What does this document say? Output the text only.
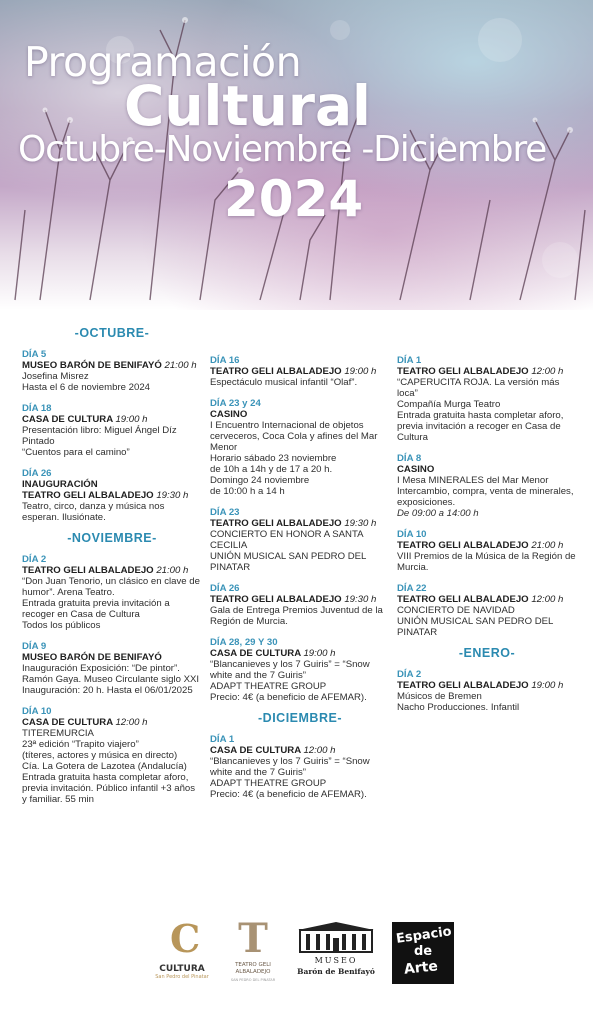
Programación
Cultural
Octubre-Noviembre -Diciembre
2024
-OCTUBRE-
DÍA 5
MUSEO BARÓN DE BENIFAYÓ 21:00 h
Josefina Misrez
Hasta el 6 de noviembre 2024
DÍA 18
CASA DE CULTURA 19:00 h
Presentación libro: Miguel Ángel Díz Pintado
“Cuentos para el camino”
DÍA 26
INAUGURACIÓN
TEATRO GELI ALBALADEJO 19:30 h
Teatro, circo, danza y música nos esperan. Ilusiónate.
-NOVIEMBRE-
DÍA 2
TEATRO GELI ALBALADEJO 21:00 h
“Don Juan Tenorio, un clásico en clave de humor”. Arena Teatro.
Entrada gratuita previa invitación a recoger en Casa de Cultura
Todos los públicos
DÍA 9
MUSEO BARÓN DE BENIFAYÓ
Inauguración Exposición: “De pintor”. Ramón Gaya. Museo Circulante siglo XXI
Inauguración: 20 h. Hasta el 06/01/2025
DÍA 10
CASA DE CULTURA 12:00 h
TITEREMURCIA
23ª edición “Trapito viajero”
(títeres, actores y música en directo)
Cía. La Gotera de Lazotea (Andalucía)
Entrada gratuita hasta completar aforo, previa invitación. Público infantil +3 años y familiar. 55 min
DÍA 16
TEATRO GELI ALBALADEJO 19:00 h
Espectáculo musical infantil “Olaf”.
DÍA 23 y 24
CASINO
I Encuentro Internacional de objetos cerveceros, Coca Cola y afines del Mar Menor
Horario sábado 23 noviembre
de 10h a 14h y de 17 a 20 h.
Domingo 24 noviembre
de 10:00 h a 14 h
DÍA 23
TEATRO GELI ALBALADEJO 19:30 h
CONCIERTO EN HONOR A SANTA CECILIA
UNIÓN MUSICAL SAN PEDRO DEL PINATAR
DÍA 26
TEATRO GELI ALBALADEJO 19:30 h
Gala de Entrega Premios Juventud de la Región de Murcia.
DÍA 28, 29 Y 30
CASA DE CULTURA 19:00 h
“Blancanieves y los 7 Guiris” = “Snow white and the 7 Guiris”
ADAPT THEATRE GROUP
Precio: 4€ (a beneficio de AFEMAR).
-DICIEMBRE-
DÍA 1
CASA DE CULTURA 12:00 h
“Blancanieves y los 7 Guiris” = “Snow white and the 7 Guiris”
ADAPT THEATRE GROUP
Precio: 4€ (a beneficio de AFEMAR).
DÍA 1
TEATRO GELI ALBALADEJO 12:00 h
“CAPERUCITA ROJA. La versión más loca”
Compañía Murga Teatro
Entrada gratuita hasta completar aforo, previa invitación a recoger en Casa de Cultura
DÍA 8
CASINO
I Mesa MINERALES del Mar Menor
Intercambio, compra, venta de minerales, exposiciones.
De 09:00 a 14:00 h
DÍA 10
TEATRO GELI ALBALADEJO 21:00 h
VIII Premios de la Música de la Región de Murcia.
DÍA 22
TEATRO GELI ALBALADEJO 12:00 h
CONCIERTO DE NAVIDAD
UNIÓN MUSICAL SAN PEDRO DEL PINATAR
-ENERO-
DÍA 2
TEATRO GELI ALBALADEJO 19:00 h
Músicos de Bremen
Nacho Producciones. Infantil
C
CULTURA
San Pedro del Pinatar
T
TEATRO GELI ALBALADEJO
SAN PEDRO DEL PINATAR
MUSEO
Barón de Benifayó
Espacio
de
Arte
